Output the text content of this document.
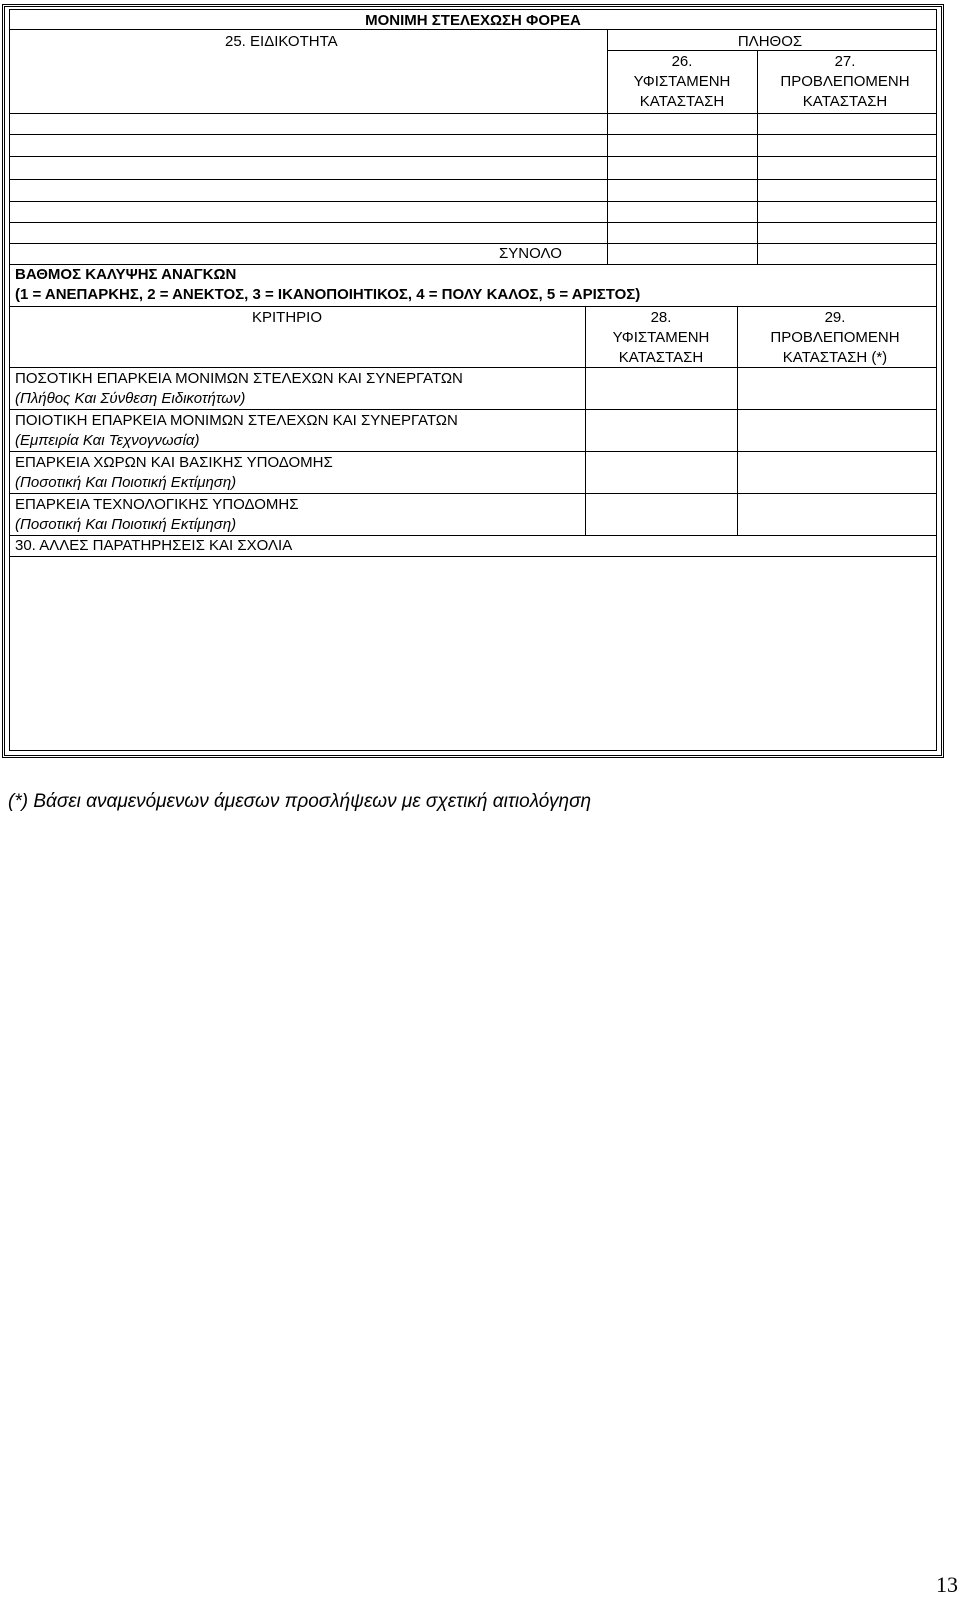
ΜΟΝΙΜΗ ΣΤΕΛΕΧΩΣΗ ΦΟΡΕΑ
25. ΕΙΔΙΚΟΤΗΤΑ	ΠΛΗΘΟΣ
26.
ΥΦΙΣΤΑΜΕΝΗ
ΚΑΤΑΣΤΑΣΗ
27.
ΠΡΟΒΛΕΠΟΜΕΝΗ
ΚΑΤΑΣΤΑΣΗ
ΣΥΝΟΛΟ
ΒΑΘΜΟΣ ΚΑΛΥΨΗΣ ΑΝΑΓΚΩΝ
(1 = ΑΝΕΠΑΡΚΗΣ, 2 = ΑΝΕΚΤΟΣ, 3 = ΙΚΑΝΟΠΟΙΗΤΙΚΟΣ, 4 = ΠΟΛΥ ΚΑΛΟΣ, 5 = ΑΡΙΣΤΟΣ)
ΚΡΙΤΗΡΙΟ	28.
ΥΦΙΣΤΑΜΕΝΗ
ΚΑΤΑΣΤΑΣΗ
29.
ΠΡΟΒΛΕΠΟΜΕΝΗ
ΚΑΤΑΣΤΑΣΗ (*)
ΠΟΣΟΤΙΚΗ ΕΠΑΡΚΕΙΑ ΜΟΝΙΜΩΝ ΣΤΕΛΕΧΩΝ ΚΑΙ ΣΥΝΕΡΓΑΤΩΝ
(Πλήθος Και Σύνθεση Ειδικοτήτων)
ΠΟΙΟΤΙΚΗ ΕΠΑΡΚΕΙΑ ΜΟΝΙΜΩΝ ΣΤΕΛΕΧΩΝ ΚΑΙ ΣΥΝΕΡΓΑΤΩΝ
(Εμπειρία Και Τεχνογνωσία)
ΕΠΑΡΚΕΙΑ ΧΩΡΩΝ ΚΑΙ ΒΑΣΙΚΗΣ ΥΠΟΔΟΜΗΣ
(Ποσοτική Και Ποιοτική Εκτίμηση)
ΕΠΑΡΚΕΙΑ ΤΕΧΝΟΛΟΓΙΚΗΣ ΥΠΟΔΟΜΗΣ
(Ποσοτική Και Ποιοτική Εκτίμηση)
30. ΑΛΛΕΣ ΠΑΡΑΤΗΡΗΣΕΙΣ ΚΑΙ ΣΧΟΛΙΑ
(*) Βάσει αναμενόμενων άμεσων προσλήψεων με σχετική αιτιολόγηση
13
